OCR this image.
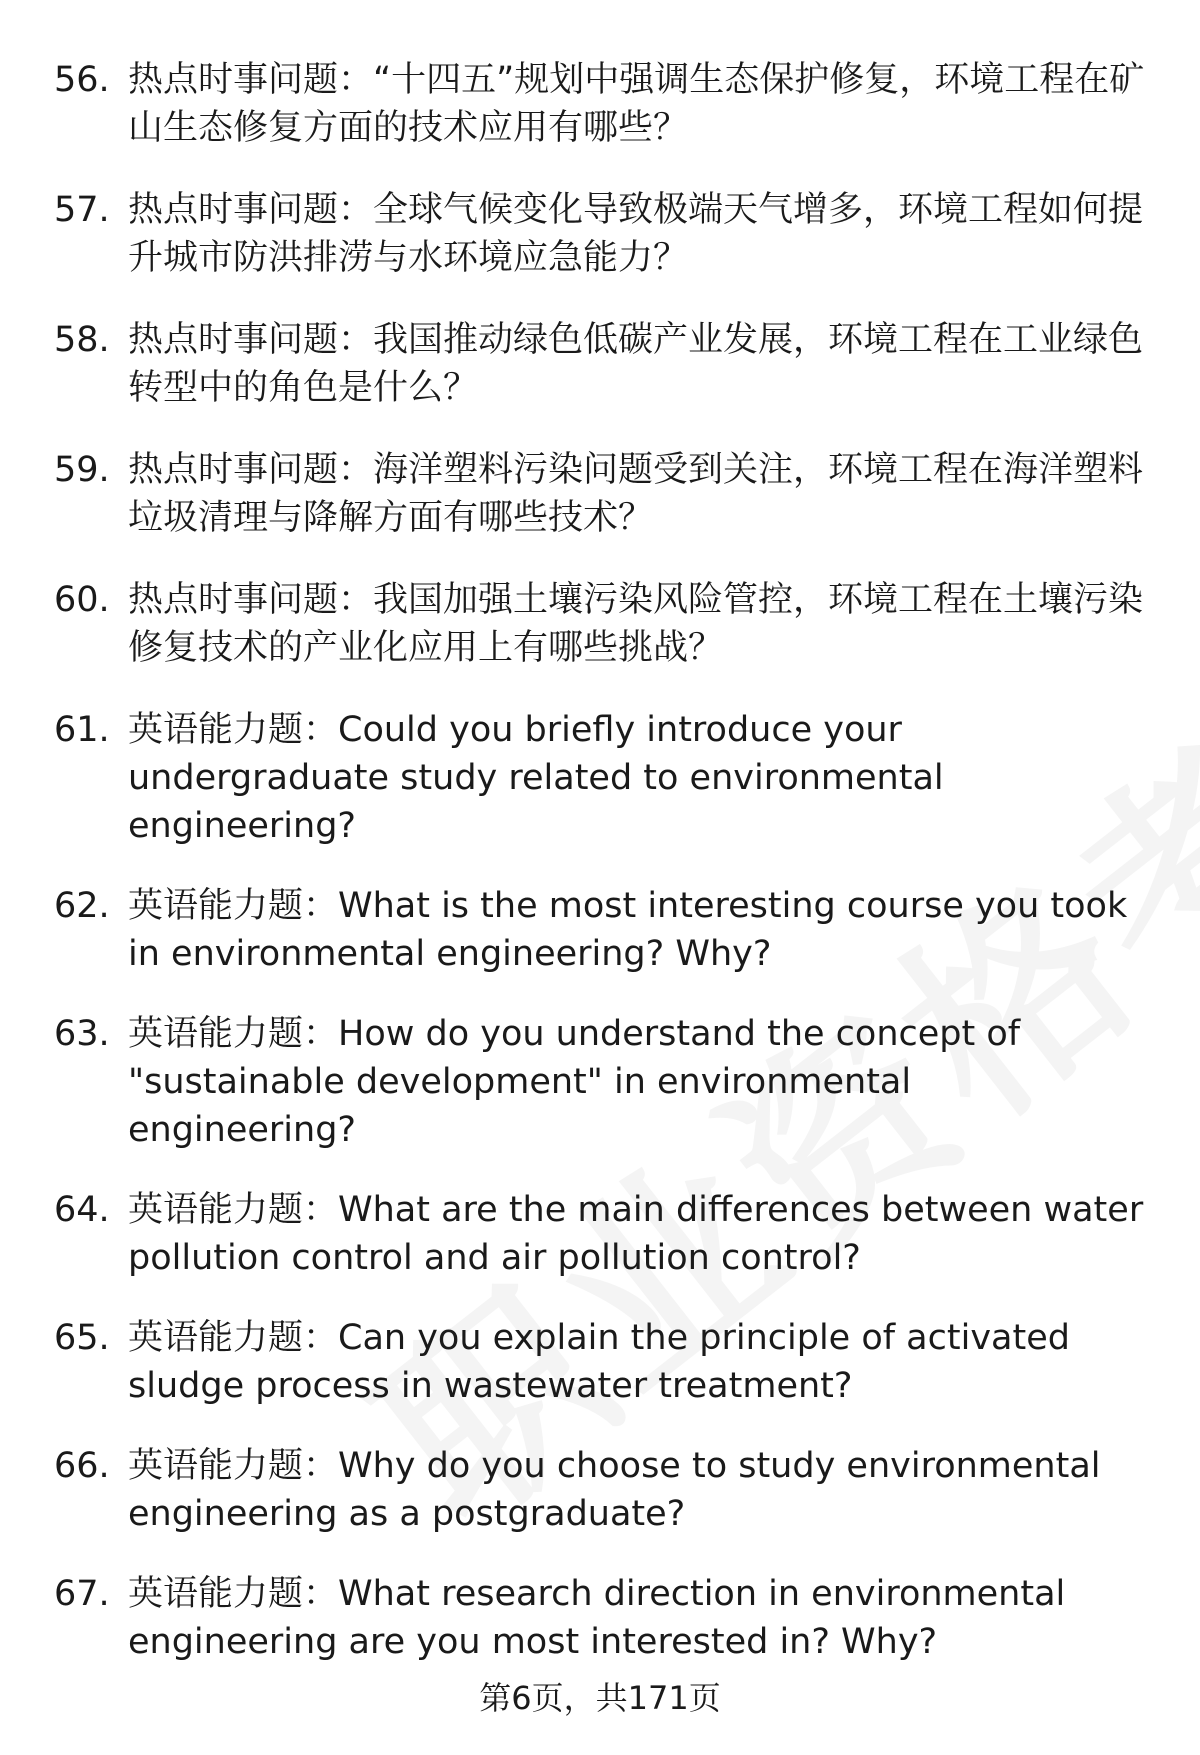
56. 热点时事问题：“十四五”规划中强调生态保护修复，环境工程在矿山生态修复方面的技术应用有哪些？
57. 热点时事问题：全球气候变化导致极端天气增多，环境工程如何提升城市防洪排涝与水环境应急能力？
58. 热点时事问题：我国推动绿色低碳产业发展，环境工程在工业绿色转型中的角色是什么？
59. 热点时事问题：海洋塑料污染问题受到关注，环境工程在海洋塑料垃圾清理与降解方面有哪些技术？
60. 热点时事问题：我国加强土壤污染风险管控，环境工程在土壤污染修复技术的产业化应用上有哪些挑战？
61. 英语能力题：Could you briefly introduce your undergraduate study related to environmental engineering?
62. 英语能力题：What is the most interesting course you took in environmental engineering? Why?
63. 英语能力题：How do you understand the concept of "sustainable development" in environmental engineering?
64. 英语能力题：What are the main differences between water pollution control and air pollution control?
65. 英语能力题：Can you explain the principle of activated sludge process in wastewater treatment?
66. 英语能力题：Why do you choose to study environmental engineering as a postgraduate?
67. 英语能力题：What research direction in environmental engineering are you most interested in? Why?
第6页，共171页
